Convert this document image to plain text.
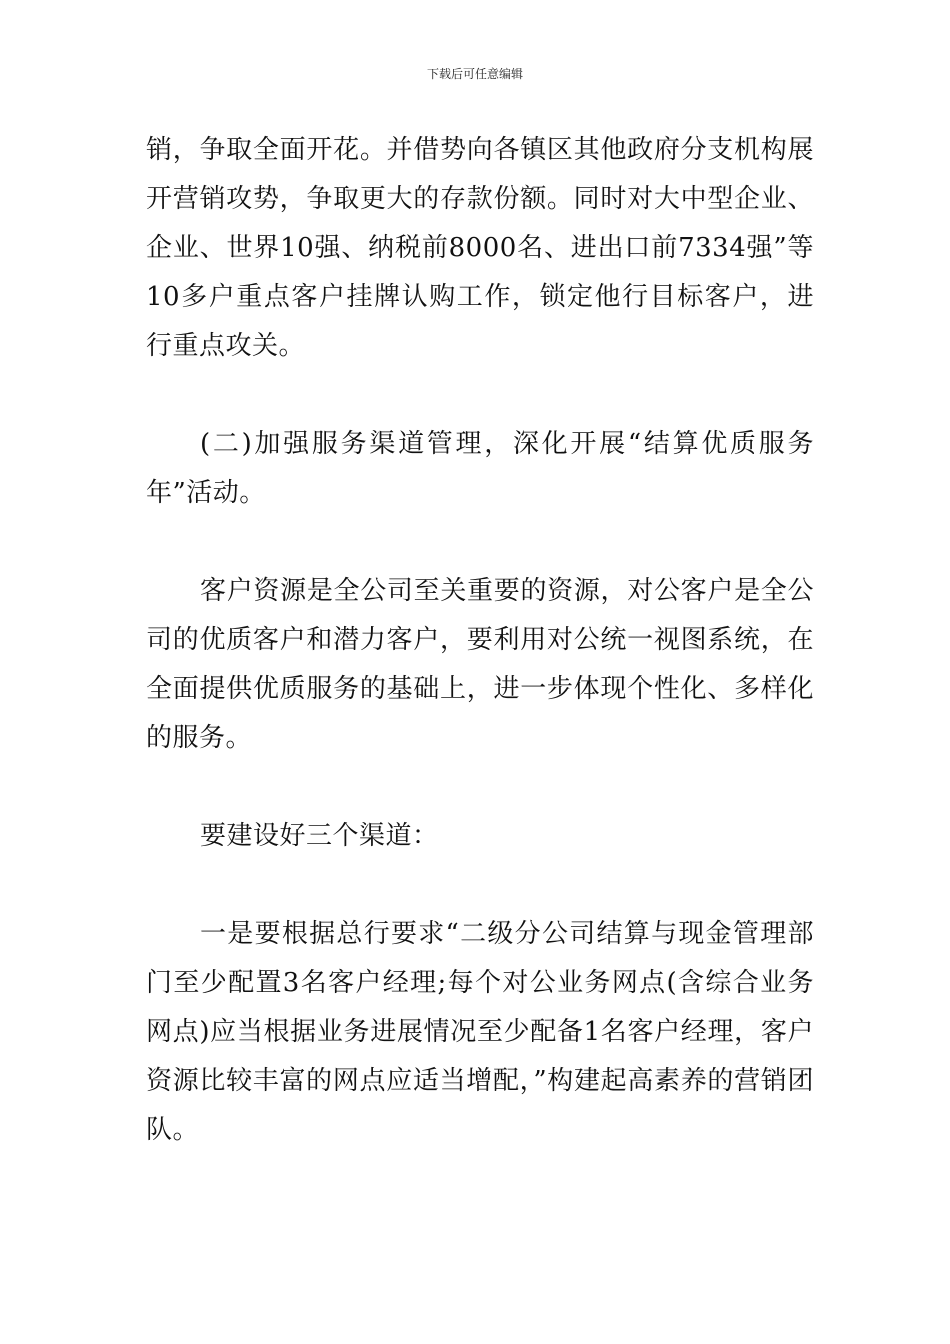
下载后可任意编辑

销，争取全面开花。并借势向各镇区其他政府分支机构展开营销攻势，争取更大的存款份额。同时对大中型企业、企业、世界10强、纳税前8000名、进出口前7334强”等10多户重点客户挂牌认购工作，锁定他行目标客户，进行重点攻关。

(二)加强服务渠道管理，深化开展“结算优质服务年”活动。

客户资源是全公司至关重要的资源，对公客户是全公司的优质客户和潜力客户，要利用对公统一视图系统，在全面提供优质服务的基础上，进一步体现个性化、多样化的服务。

要建设好三个渠道：

一是要根据总行要求“二级分公司结算与现金管理部门至少配置3名客户经理;每个对公业务网点(含综合业务网点)应当根据业务进展情况至少配备1名客户经理，客户资源比较丰富的网点应适当增配，”构建起高素养的营销团队。
